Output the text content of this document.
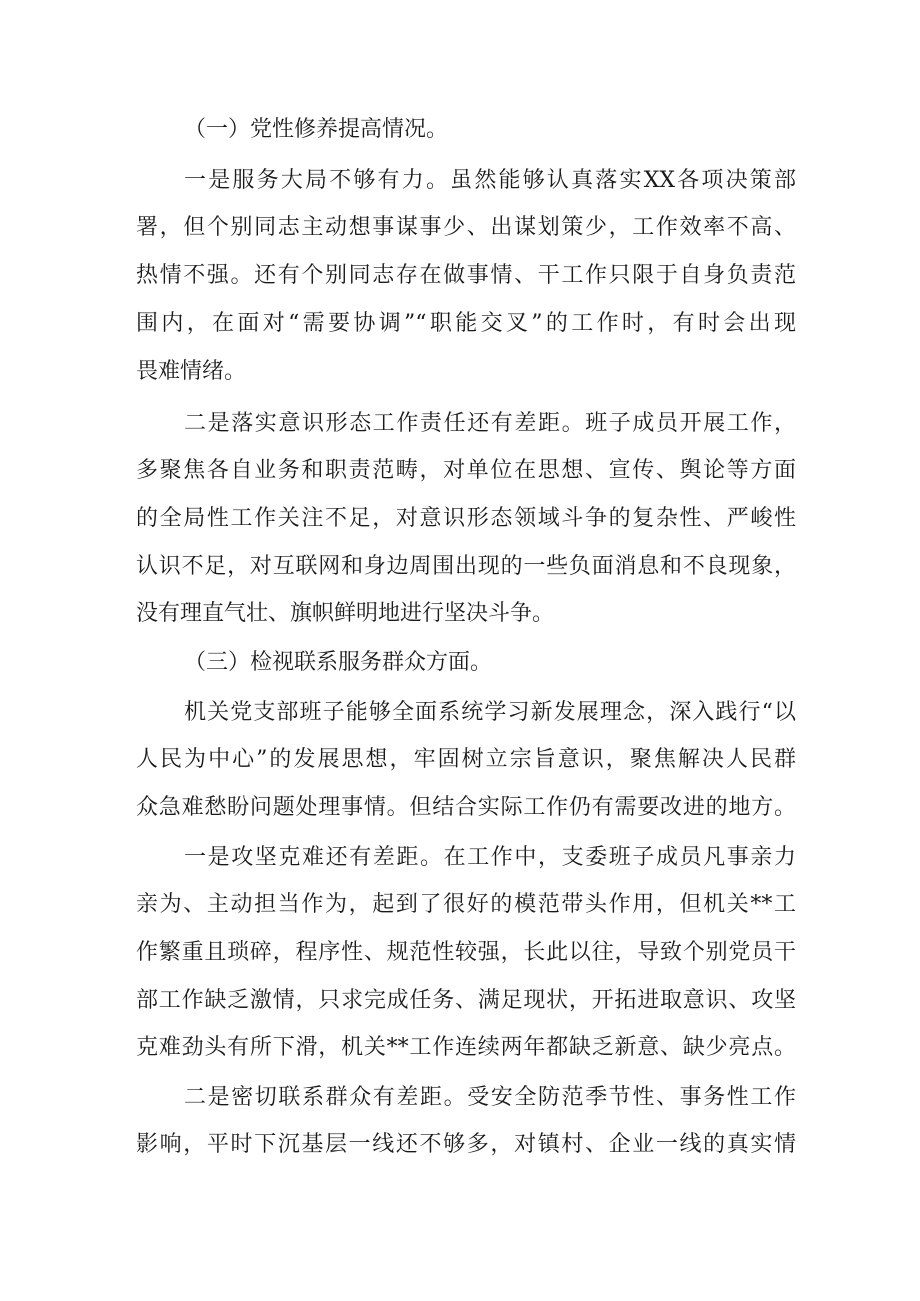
（一）党性修养提高情况。
一是服务大局不够有力。虽然能够认真落实XX各项决策部
署，但个别同志主动想事谋事少、出谋划策少，工作效率不高、
热情不强。还有个别同志存在做事情、干工作只限于自身负责范
围内，在面对“需要协调”“职能交叉”的工作时，有时会出现
畏难情绪。
二是落实意识形态工作责任还有差距。班子成员开展工作，
多聚焦各自业务和职责范畴，对单位在思想、宣传、舆论等方面
的全局性工作关注不足，对意识形态领域斗争的复杂性、严峻性
认识不足，对互联网和身边周围出现的一些负面消息和不良现象，
没有理直气壮、旗帜鲜明地进行坚决斗争。
（三）检视联系服务群众方面。
机关党支部班子能够全面系统学习新发展理念，深入践行“以
人民为中心”的发展思想，牢固树立宗旨意识，聚焦解决人民群
众急难愁盼问题处理事情。但结合实际工作仍有需要改进的地方。
一是攻坚克难还有差距。在工作中，支委班子成员凡事亲力
亲为、主动担当作为，起到了很好的模范带头作用，但机关**工
作繁重且琐碎，程序性、规范性较强，长此以往，导致个别党员干
部工作缺乏激情，只求完成任务、满足现状，开拓进取意识、攻坚
克难劲头有所下滑，机关**工作连续两年都缺乏新意、缺少亮点。
二是密切联系群众有差距。受安全防范季节性、事务性工作
影响，平时下沉基层一线还不够多，对镇村、企业一线的真实情
